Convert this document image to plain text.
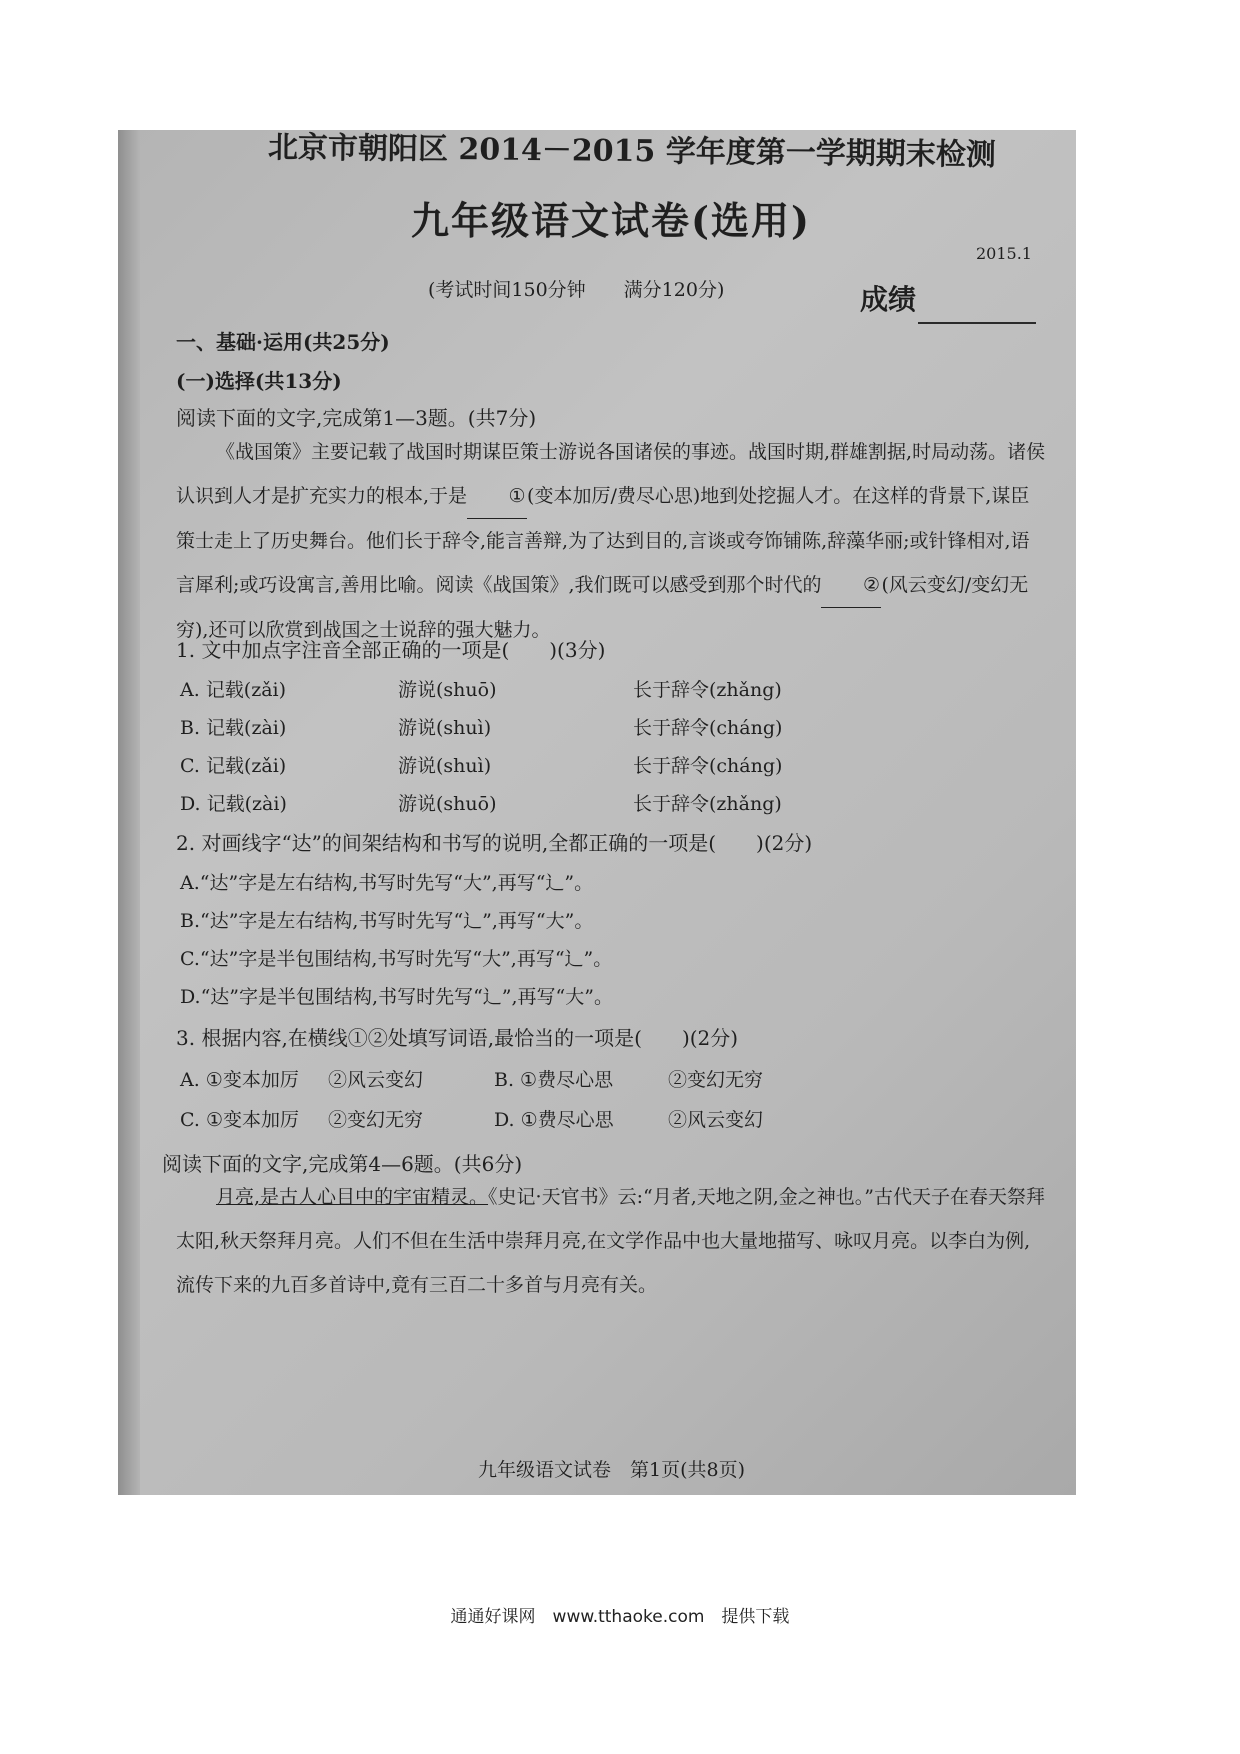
北京市朝阳区 2014－2015 学年度第一学期期末检测
九年级语文试卷(选用)
2015.1
(考试时间150分钟　　满分120分)	成绩
一、基础·运用(共25分)
(一)选择(共13分)
阅读下面的文字,完成第1—3题。(共7分)
《战国策》主要记载了战国时期谋臣策士游说各国诸侯的事迹。战国时期,群雄割据,时局动荡。诸侯认识到人才是扩充实力的根本,于是 ①(变本加厉/费尽心思)地到处挖掘人才。在这样的背景下,谋臣策士走上了历史舞台。他们长于辞令,能言善辩,为了达到目的,言谈或夸饰铺陈,辞藻华丽;或针锋相对,语言犀利;或巧设寓言,善用比喻。阅读《战国策》,我们既可以感受到那个时代的 ②(风云变幻/变幻无穷),还可以欣赏到战国之士说辞的强大魅力。
1. 文中加点字注音全部正确的一项是(　　)(3分)
A. 记载(zǎi)	游说(shuō)	长于辞令(zhǎng)
B. 记载(zài)	游说(shuì)	长于辞令(cháng)
C. 记载(zǎi)	游说(shuì)	长于辞令(cháng)
D. 记载(zài)	游说(shuō)	长于辞令(zhǎng)
2. 对画线字“达”的间架结构和书写的说明,全都正确的一项是(　　)(2分)
A.“达”字是左右结构,书写时先写“大”,再写“辶”。
B.“达”字是左右结构,书写时先写“辶”,再写“大”。
C.“达”字是半包围结构,书写时先写“大”,再写“辶”。
D.“达”字是半包围结构,书写时先写“辶”,再写“大”。
3. 根据内容,在横线①②处填写词语,最恰当的一项是(　　)(2分)
A. ①变本加厉 ②风云变幻	B. ①费尽心思	②变幻无穷
C. ①变本加厉 ②变幻无穷	D. ①费尽心思	②风云变幻
阅读下面的文字,完成第4—6题。(共6分)
月亮,是古人心目中的宇宙精灵。《史记·天官书》云:“月者,天地之阴,金之神也。”古代天子在春天祭拜太阳,秋天祭拜月亮。人们不但在生活中崇拜月亮,在文学作品中也大量地描写、咏叹月亮。以李白为例,流传下来的九百多首诗中,竟有三百二十多首与月亮有关。
九年级语文试卷　第1页(共8页)
通通好课网　www.tthaoke.com　提供下载
